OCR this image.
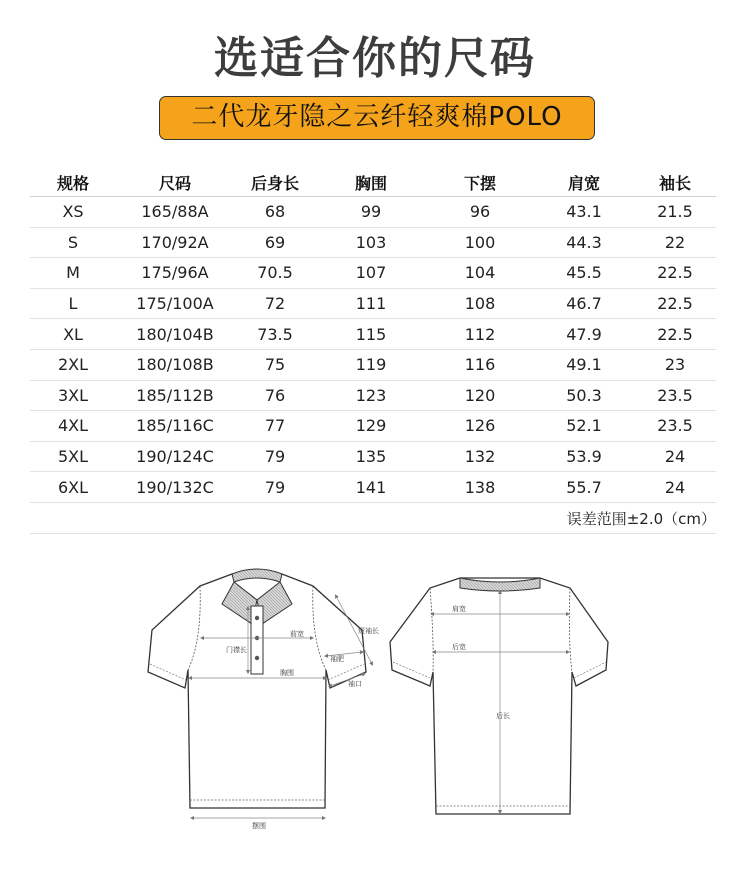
选适合你的尺码
二代龙牙隐之云纤轻爽棉POLO
规格	尺码	后身长	胸围	下摆	肩宽	袖长
XS	165/88A	68	99	96	43.1	21.5
S	170/92A	69	103	100	44.3	22
M	175/96A	70.5	107	104	45.5	22.5
L	175/100A	72	111	108	46.7	22.5
XL	180/104B	73.5	115	112	47.9	22.5
2XL	180/108B	75	119	116	49.1	23
3XL	185/112B	76	123	120	50.3	23.5
4XL	185/116C	77	129	126	52.1	23.5
5XL	190/124C	79	135	132	53.9	24
6XL	190/132C	79	141	138	55.7	24
误差范围±2.0（cm）
前宽
门襟长
胸围
摆围
短袖长
袖肥
袖口
肩宽
后宽
后长
